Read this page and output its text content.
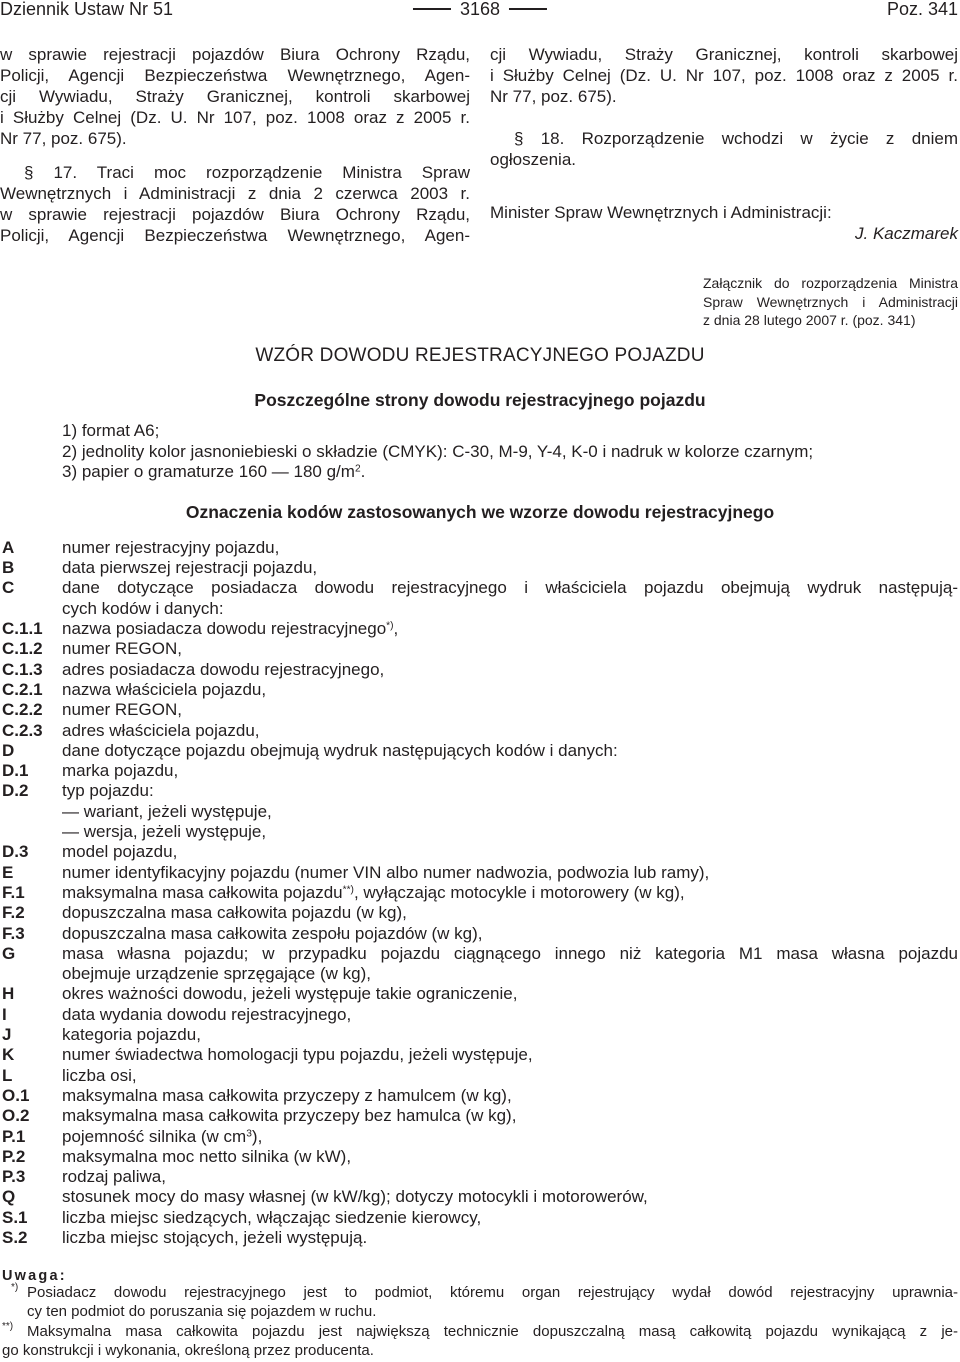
Dziennik Ustaw Nr 51	3168	Poz. 341
w sprawie rejestracji pojazdów Biura Ochrony Rządu,
Policji, Agencji Bezpieczeństwa Wewnętrznego, Agen-
cji Wywiadu, Straży Granicznej, kontroli skarbowej
i Służby Celnej (Dz. U. Nr 107, poz. 1008 oraz z 2005 r.
Nr 77, poz. 675).
§ 17. Traci moc rozporządzenie Ministra Spraw
Wewnętrznych i Administracji z dnia 2 czerwca 2003 r.
w sprawie rejestracji pojazdów Biura Ochrony Rządu,
Policji, Agencji Bezpieczeństwa Wewnętrznego, Agen-
cji Wywiadu, Straży Granicznej, kontroli skarbowej
i Służby Celnej (Dz. U. Nr 107, poz. 1008 oraz z 2005 r.
Nr 77, poz. 675).
§ 18. Rozporządzenie wchodzi w życie z dniem
ogłoszenia.
Minister Spraw Wewnętrznych i Administracji:
J. Kaczmarek
Załącznik do rozporządzenia Ministra
Spraw Wewnętrznych i Administracji
z dnia 28 lutego 2007 r. (poz. 341)
WZÓR DOWODU REJESTRACYJNEGO POJAZDU
Poszczególne strony dowodu rejestracyjnego pojazdu
1) format A6;
2) jednolity kolor jasnoniebieski o składzie (CMYK): C-30, M-9, Y-4, K-0 i nadruk w kolorze czarnym;
3) papier o gramaturze 160 — 180 $g/m^2$.
Oznaczenia kodów zastosowanych we wzorze dowodu rejestracyjnego
A	numer rejestracyjny pojazdu,
B	data pierwszej rejestracji pojazdu,
C	dane dotyczące posiadacza dowodu rejestracyjnego i właściciela pojazdu obejmują wydruk następują-
cych kodów i danych:
C.1.1 nazwa posiadacza dowodu rejestracyjnego*),
C.1.2 numer REGON,
C.1.3 adres posiadacza dowodu rejestracyjnego,
C.2.1 nazwa właściciela pojazdu,
C.2.2 numer REGON,
C.2.3 adres właściciela pojazdu,
D	dane dotyczące pojazdu obejmują wydruk następujących kodów i danych:
D.1 marka pojazdu,
D.2 typ pojazdu:
— wariant, jeżeli występuje,
— wersja, jeżeli występuje,
D.3 model pojazdu,
E	numer identyfikacyjny pojazdu (numer VIN albo numer nadwozia, podwozia lub ramy),
F.1 maksymalna masa całkowita pojazdu**), wyłączając motocykle i motorowery (w kg),
F.2 dopuszczalna masa całkowita pojazdu (w kg),
F.3 dopuszczalna masa całkowita zespołu pojazdów (w kg),
G	masa własna pojazdu; w przypadku pojazdu ciągnącego innego niż kategoria M1 masa własna pojazdu
obejmuje urządzenie sprzęgające (w kg),
H	okres ważności dowodu, jeżeli występuje takie ograniczenie,
I	data wydania dowodu rejestracyjnego,
J	kategoria pojazdu,
K	numer świadectwa homologacji typu pojazdu, jeżeli występuje,
L	liczba osi,
O.1 maksymalna masa całkowita przyczepy z hamulcem (w kg),
O.2 maksymalna masa całkowita przyczepy bez hamulca (w kg),
P.1 pojemność silnika (w $cm^3$),
P.2 maksymalna moc netto silnika (w kW),
P.3 rodzaj paliwa,
Q	stosunek mocy do masy własnej (w kW/kg); dotyczy motocykli i motorowerów,
S.1 liczba miejsc siedzących, włączając siedzenie kierowcy,
S.2 liczba miejsc stojących, jeżeli występują.
Uwaga:
*) Posiadacz dowodu rejestracyjnego jest to podmiot, któremu organ rejestrujący wydał dowód rejestracyjny uprawnia-
cy ten podmiot do poruszania się pojazdem w ruchu.
**) Maksymalna masa całkowita pojazdu jest największą technicznie dopuszczalną masą całkowitą pojazdu wynikającą z je-
go konstrukcji i wykonania, określoną przez producenta.
